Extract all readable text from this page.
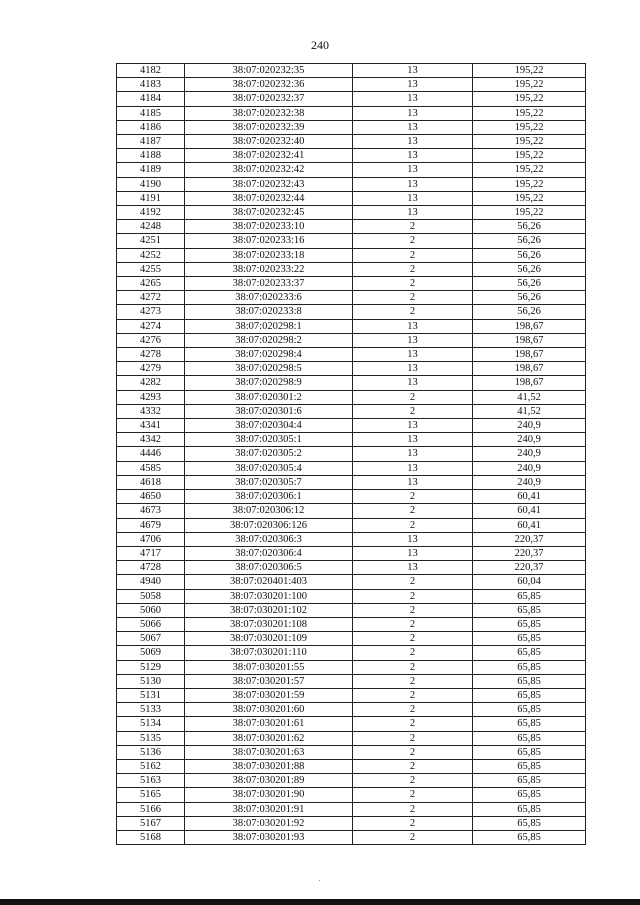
240
4182	38:07:020232:35	13	195,22
4183	38:07:020232:36	13	195,22
4184	38:07:020232:37	13	195,22
4185	38:07:020232:38	13	195,22
4186	38:07:020232:39	13	195,22
4187	38:07:020232:40	13	195,22
4188	38:07:020232:41	13	195,22
4189	38:07:020232:42	13	195,22
4190	38:07:020232:43	13	195,22
4191	38:07:020232:44	13	195,22
4192	38:07:020232:45	13	195,22
4248	38:07:020233:10	2	56,26
4251	38:07:020233:16	2	56,26
4252	38:07:020233:18	2	56,26
4255	38:07:020233:22	2	56,26
4265	38:07:020233:37	2	56,26
4272	38:07:020233:6	2	56,26
4273	38:07:020233:8	2	56,26
4274	38:07:020298:1	13	198,67
4276	38:07:020298:2	13	198,67
4278	38:07:020298:4	13	198,67
4279	38:07:020298:5	13	198,67
4282	38:07:020298:9	13	198,67
4293	38:07:020301:2	2	41,52
4332	38:07:020301:6	2	41,52
4341	38:07:020304:4	13	240,9
4342	38:07:020305:1	13	240,9
4446	38:07:020305:2	13	240,9
4585	38:07:020305:4	13	240,9
4618	38:07:020305:7	13	240,9
4650	38:07:020306:1	2	60,41
4673	38:07:020306:12	2	60,41
4679	38:07:020306:126	2	60,41
4706	38:07:020306:3	13	220,37
4717	38:07:020306:4	13	220,37
4728	38:07:020306:5	13	220,37
4940	38:07:020401:403	2	60,04
5058	38:07:030201:100	2	65,85
5060	38:07:030201:102	2	65,85
5066	38:07:030201:108	2	65,85
5067	38:07:030201:109	2	65,85
5069	38:07:030201:110	2	65,85
5129	38:07:030201:55	2	65,85
5130	38:07:030201:57	2	65,85
5131	38:07:030201:59	2	65,85
5133	38:07:030201:60	2	65,85
5134	38:07:030201:61	2	65,85
5135	38:07:030201:62	2	65,85
5136	38:07:030201:63	2	65,85
5162	38:07:030201:88	2	65,85
5163	38:07:030201:89	2	65,85
5165	38:07:030201:90	2	65,85
5166	38:07:030201:91	2	65,85
5167	38:07:030201:92	2	65,85
5168	38:07:030201:93	2	65,85
